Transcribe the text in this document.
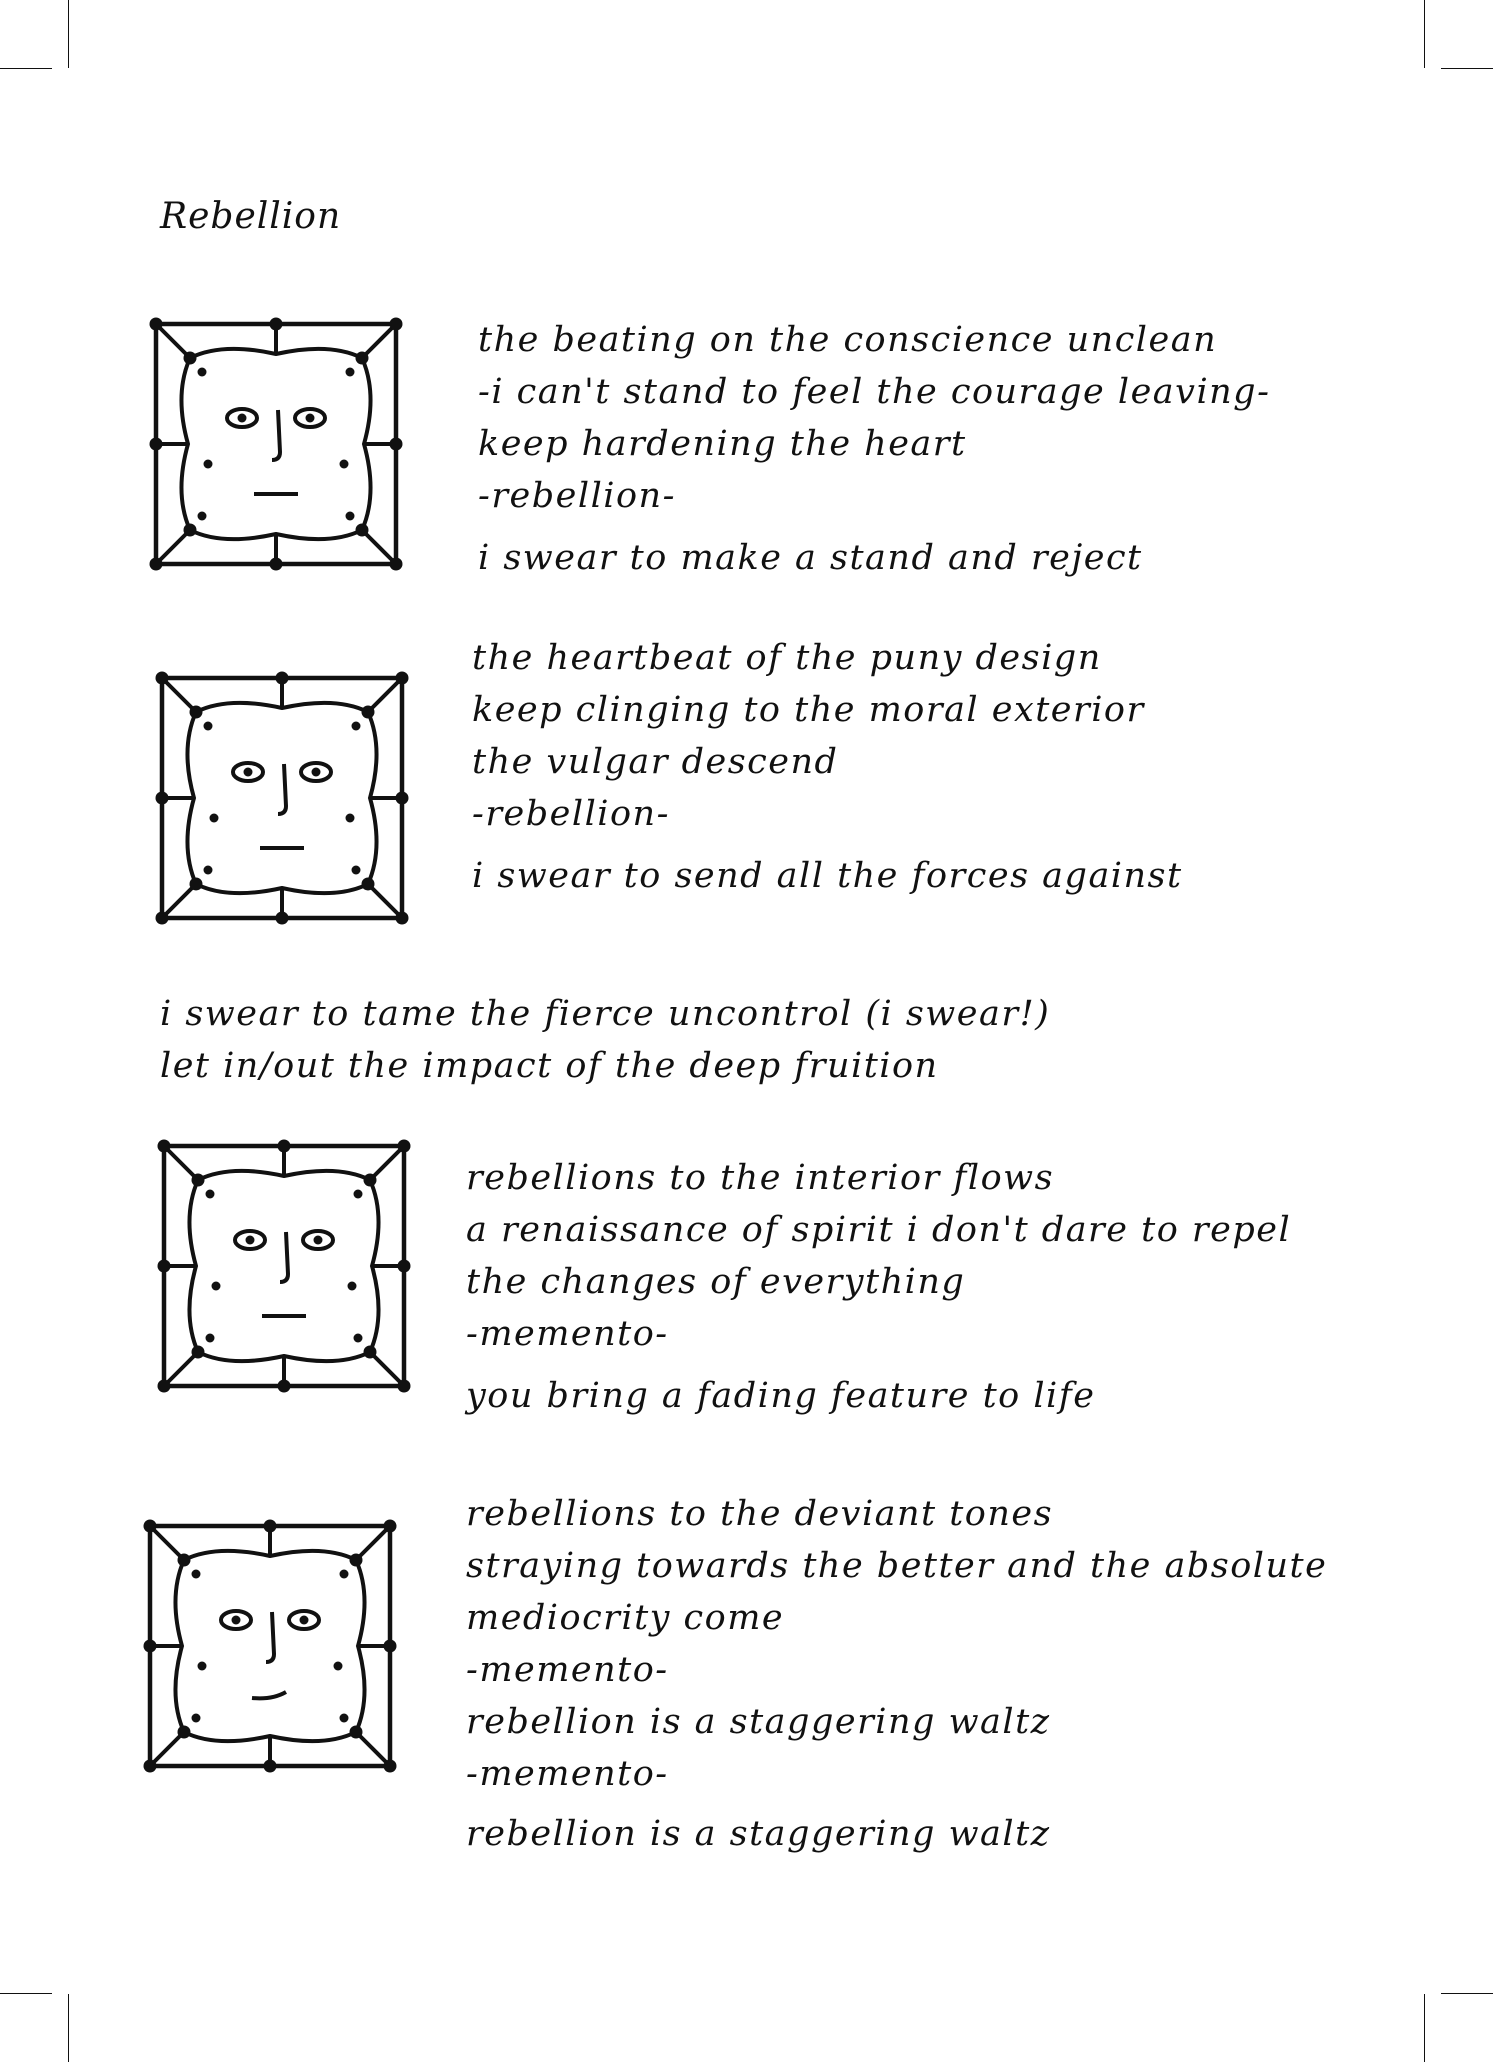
Rebellion
the beating on the conscience unclean
-i can't stand to feel the courage leaving-
keep hardening the heart
-rebellion-
i swear to make a stand and reject
the heartbeat of the puny design
keep clinging to the moral exterior
the vulgar descend
-rebellion-
i swear to send all the forces against
i swear to tame the fierce uncontrol (i swear!)
let in/out the impact of the deep fruition
rebellions to the interior flows
a renaissance of spirit i don't dare to repel
the changes of everything
-memento-
you bring a fading feature to life
rebellions to the deviant tones
straying towards the better and the absolute
mediocrity come
-memento-
rebellion is a staggering waltz
-memento-
rebellion is a staggering waltz
